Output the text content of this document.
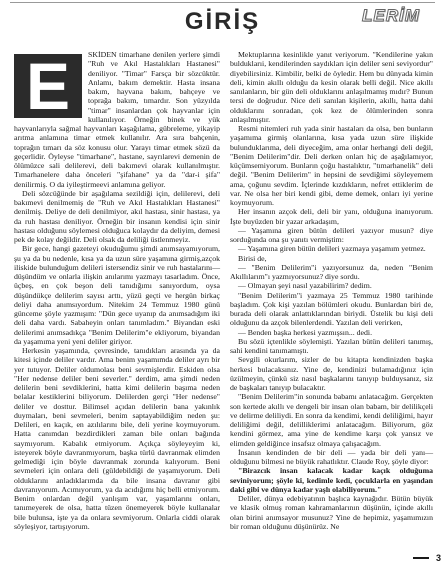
GİRİŞ	LERİM
E	SKİDEN timarhane denilen yerlere şimdi "Ruh ve Akıl Hastalıkları Hastanesi" deniliyor. "Timar" Farsça bir sözcüktür. Anlamı, bakım demektir. Hasta insana bakım, hayvana bakım, bahçeye ve toprağa bakım, tımardır. Son yüzyılda "timar" insanlardan çok hayvanlar için kullanılıyor. Örneğin binek ve yük hayvanlarıyla sağmal hayvanları kaşağılama, gübreleme, yikayip arıtma anlamına timar etmek kullanılır. Ara sıra bahçenin, toprağın tımarı da söz konusu olur. Yarayı timar etmek sözü da geçerlidir. Öyleyse "timarhane", hastane, sayrılarevi demenin de ölümüzce sali delilerevi, deli bakımevi olarak kullanılmıştır. Tımarhanelere daha önceleri "şifahane" ya da "dar-i şifa" denilirmiş. O da iyileştirmeevi anlamına geliyor.

Deli sözcüğünde bir aşağılama sezildiği için, delilerevi, deli bakımevi denilmemiş de "Ruh ve Akıl Hastalıkları Hastanesi" denilmiş. Deliye de deli denilmiyor, akıl hastası, sinir hastası, ya da ruh hastası deniliyor. Örneğin bir insanın kendisi için sinir hastası olduğunu söylemesi olduğuca kolaydır da deliyim, demesi pek de kolay değildir. Deli olsak da deliliği üstlenmeyiz.

Bir gece, hangi gazeteyi okuduğumu şimdi anımsayamıyorum, şu ya da bu nedenle, kısa ya da uzun süre yaşamına girmiş,azçok iliskide bulunduğum delileri istersendiz sinir ve ruh hastalarını— düşündüm ve onlarla ilişkin anılarımı yazmayı tasarladım. Önce, üçbeş, en çok beşon deli tanıdığımı sanıyordum, oysa düşündükçe delilerim sayısı arttı, yüzü geçti ve hergün birkaç deliyi daha anımsıyordum. Nitekim 24 Temmuz 1980 günü güncemе şöyle yazmışım: "Dün gece uyanıp da anımsadığım iki deli daha vardı. Sabaheyin onları tanımladım." Biyandan eski delilerimi anımsadıkça "Benim Delilerim"e ekliyorum, biyandan da yaşamıma yeni yeni deliler giriyor.

Herkesin yaşamında, çevresinde, tanıdıkları arasında ya da kitesi içinde deliler vardır. Ama benim yaşamımda deliler ayrı bir yer tutuyor. Deliler oldumolası beni sevmişlerdir. Eskiden olsa "Her nedense deliler beni severler." derdim, ama şimdi neden delilerin beni sevdiklerini, hatta kimi delilerin başıma neden belalar kestiklerini biliyorum. Delilerden gerçi "Her nedense" deliler ve dosttur. Bilimsel açıdan delilerin bana yakınlık duymaları, beni sevmeleri, benim saptayabildiğim neden şu: Delileri, en kaçık, en azılılarını bile, deli yerine koymuyorum. Hatta canımdan bezdirdikleri zaman bile onları bağında saymıyorum. Kabalık etmiyorum. Açıkça söyleyeyim ki, isteyerek böyle davranmıyorum, başka türlü davranmak elimden gelmediği için böyle davranmak zorunda kalıyorum. Beni sevmeleri için onlara deli (güldebildiği de yaşamıyorum. Deli olduklarını anladıklarımda da bile insana davranır gibi davranıyorum. Acımıyorum, ya da acıdığımı hiç belli etmiyorum. Benim onlardan değil yanlışım var, yaşamlarını onları, tanımeyerek de olsa, hatta tüzen önemeyerek böyle kullanalar bile bulunsa, işte ya da onlara sevmiyorum. Onlarla ciddi olarak söyleşiyor, tartışıyorum.

Mektuplarına kesinlikle yanıt veriyorum. "Kendilerine yakın bulduklarıi, kendilerinden saydıkları için deliler seni seviyordur" diyebilirsiniz. Kimbilir, belki de öyledir. Hem bu dünyada kimin deli, kimin akıllı olduğu da kesin olarak belli değil. Nice akıllı sanılanların, bir gün deli olduklarını anlaşılmamış mıdır? Bunun tersi de doğrudur. Nice deli sanılan kişilerin, akıllı, hatta dahi olduklarını sonradan, çok kez de ölümlerinden sonra anlaşılmıştır.

Resmi nitemleri ruh yada sinir hastaları da olsa, ben bunların yaşamıma girmiş olanlarına, kısa yada uzun süre ilişkide bulunduklarıma, deli diyeceğim, ama onlar herhangi deli değil, "Benim Delilerim"dir. Deli derken onları hiç de aşağılamıyor, küçümsemiyorum. Bunların çoğu hastalıktır, "tımarhanelik" deli değil. "Benim Delilerim" in hepsini de sevdiğimi söyleyemem ama, çoğunu sevdim. İçlerinde kızdıkların, nefret ettiklerim de var. Ne olsa her biri kendi gibi, deme demek, onları iyi yerine koymuyorum.

Her insanın azçok deli, deli bir yanı, olduğuna inanıyorum. İşte buyüzden bir yazar arkadaşım,

— Yaşamına giren bütün delileri yazıyor musun? diye sorduğunda ona şu yanıtı vermiştim:

— Yaşamına giren bütün delileri yazmaya yaşamım yetmez.

Birisi de,

— "Benim Delilerim"i yazıyorsunuz da, neden "Benim Akıllılarım"ı yazmıyorsunuz? diye sordu.

— Olmayan şeyi nasıl yazabilirim? dedim.

"Benim Delilerim"i yazmaya 25 Temmuz 1980 tarihinde başladım. Çok kişi yazılan bölümleri okudu. Bunlardan biri de, burada deli olarak anlattıklarından biriydi. Üstelik bu kişi deli olduğunu da azçok bilenlerdendi. Yazılan deli verirken,

— Benden başka herkesi yazmışsın... dedi.

Bu sözü içtenlikle söylemişti. Yazılan bütün delileri tanımış, sahi kendini tanımamıştı.

Sevgili okurlarım, sizler de bu kitapta kendinizden başka herkesi bulacaksınız. Yine de, kendinizi bulamadığınız için üzülmeyin, çünkü siz nasıl başkalarını tanıyıp bulduysanız, siz de başkaları tanıyıp bulacaktır.

"Benim Delilerim"in sonunda babamı anlatacağım. Gerçekten son kertede akıllı ve dengeli bir insan olan babam, bir delilikçeli ve delirme deliliydi. En sonra da kendimi, kendi deliliğimi, hayır deliliğimi değil, delilliklerimi anlatacağım. Biliyorum, göz kendini görmez, ama yine de kendime karşı çok yansız ve elimden geldiğince insafsız olmaya çalışacağım.

İnsanın kendinden de bir deli — yada bir deli yanı— olduğunu bilmesi ne büyük rahatlıktır. Claude Roy, şöyle diyor:

"Birazcık insan kalacak kadar kaçık olduğuma seviniyorum; şöyle ki, kedimle kedi, çocuklarla en yaşından daki gibi ve dünya kadar yaşlı olabiliyorum."

Deliler, dünya edebiyatının başlıca kaynağıdır. Bütün büyük ve klasik olmuş roman kahramanlarının düşünün, içinde akıllı olan birini anımsayor musunuz? Yine de hepimiz, yaşamımızın bir roman olduğunu düşünürüz. Ne

3
